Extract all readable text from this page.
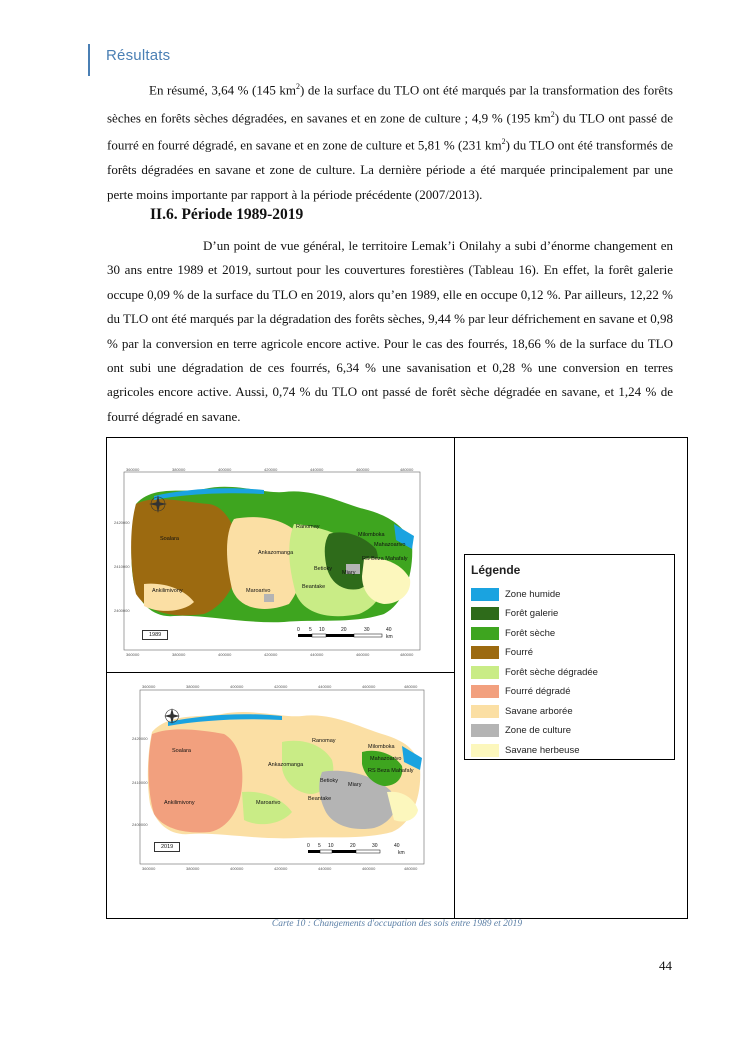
Résultats

En résumé, 3,64 % (145 $km^2$) de la surface du TLO ont été marqués par la transformation des forêts sèches en forêts sèches dégradées, en savanes et en zone de culture ; 4,9 % (195 $km^2$) du TLO ont passé de fourré en fourré dégradé, en savane et en zone de culture et 5,81 % (231 $km^2$) du TLO ont été transformés de forêts dégradées en savane et zone de culture. La dernière période a été marquée principalement par une perte moins importante par rapport à la période précédente (2007/2013).

II.6. Période 1989-2019

D’un point de vue général, le territoire Lemak’i Onilahy a subi d’énorme changement en 30 ans entre 1989 et 2019, surtout pour les couvertures forestières (Tableau 16). En effet, la forêt galerie occupe 0,09 % de la surface du TLO en 2019, alors qu’en 1989, elle en occupe 0,12 %. Par ailleurs, 12,22 % du TLO ont été marqués par la dégradation des forêts sèches, 9,44 % par leur défrichement en savane et 0,98 % par la conversion en terre agricole encore active. Pour le cas des fourrés, 18,66 % de la surface du TLO ont subi une dégradation de ces fourrés, 6,34 % une savanisation et 0,28 % une conversion en terres agricoles encore active. Aussi, 0,74 % du TLO ont passé de forêt sèche dégradée en savane, et 1,24 % de fourré dégradé en savane.

360000	380000	400000	420000	440000	460000	480000
360000	380000	400000	420000	440000	460000	480000
2420000
2410000
2400000
Ranomay
Milomboka
Soalara
Mahazoarivo
Ankazomanga
RS Beza Mahafaly
Betioky
Miary
Beantake
Ankilimivony	Maroarivo
1989
0 5 10	20	30	40
km
360000	380000	400000	420000	440000	460000	480000
360000	380000	400000	420000	440000	460000	480000
2420000
2410000
2400000
Ranomay
Milomboka
Soalara
Mahazoarivo
Ankazomanga
RS Beza Mahafaly
Betioky
Miary
Beantake
Ankilimivony	Maroarivo
2019	0 5 10	20	30	40
km
Légende
Zone humide
Forêt galerie
Forêt sèche
Fourré
Forêt sèche dégradée
Fourré dégradé
Savane arborée
Zone de culture
Savane herbeuse
Carte 10 : Changements d'occupation des sols entre 1989 et 2019
44
